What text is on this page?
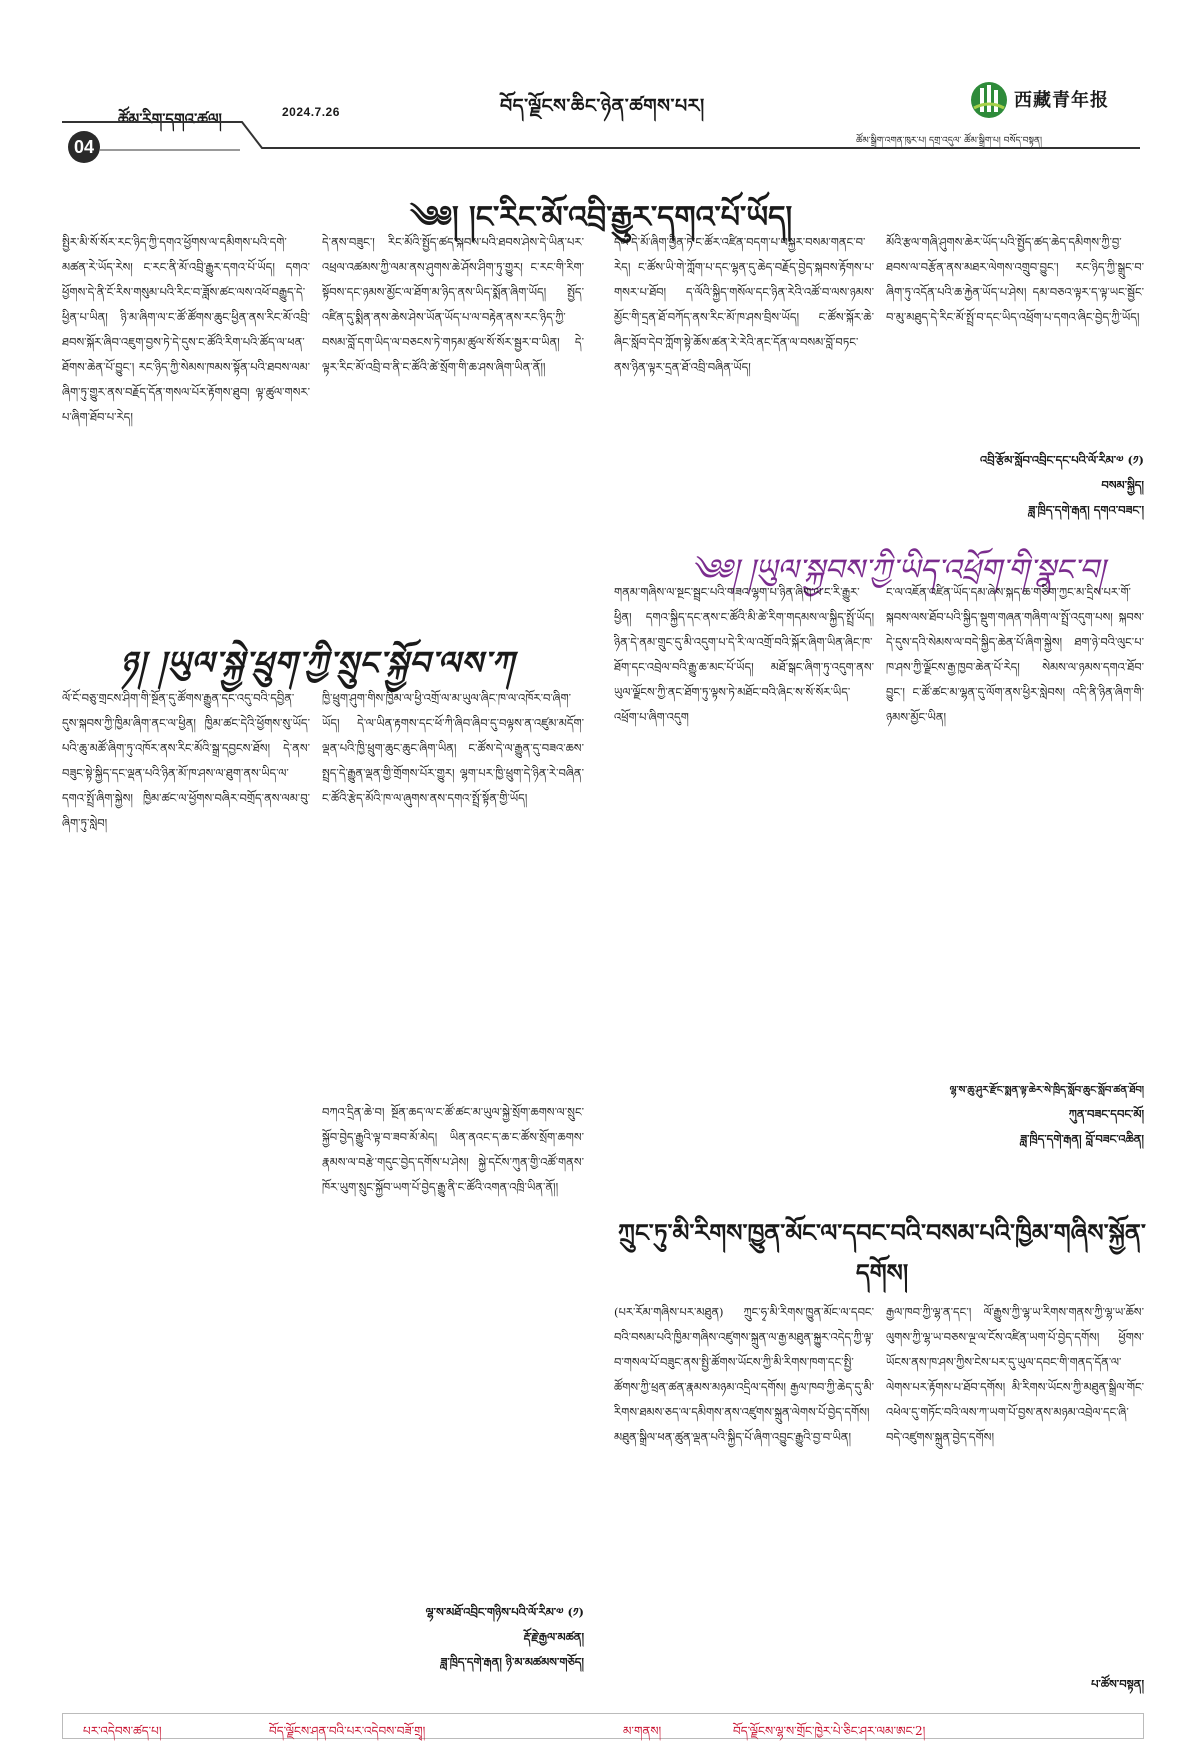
ཚོམ་རིག་དགའ་ཚལ།	2024.7.26	བོད་ལྗོངས་ཆིང་ཉེན་ཚགས་པར།	西藏青年报
ཚོམ་སྒྲིག་འགན་ཁུར་པ། དགྲ་འདུལ་ ཚོམ་སྒྲིག་པ། བསོད་བསྟན།
04
༄༅། །ང་རིང་མོ་འབྲི་རྒྱུར་དགའ་པོ་ཡོད།

སྤྱིར་མི་སོ་སོར་རང་ཉིད་ཀྱི་དགའ་ཕྱོགས་ལ་དམིགས་པའི་དགེ་མཚན་རེ་ཡོད་རེས། ང་རང་ནི་མོ་འབྲི་རྒྱུར་དགའ་པོ་ཡོད། དགའ་ཕྱོགས་དེ་ནི་ངོ་རིས་གསུམ་པའི་རིང་བ་ཟློས་ཚང་ལས་འཕོ་བརྒྱུད་དེ་ཕྱིན་པ་ཡིན། ཉི་མ་ཞིག་ལ་ང་ཚོ་ཚོགས་ཆུང་ཕྱིན་ནས་རིང་མོ་འབྲི་ཐབས་སྐོར་ཞིབ་འཇུག་བྱས་ཏེ་དེ་དུས་ང་ཚོའི་རིག་པའི་ཚོད་ལ་ཕན་ཐོགས་ཆེན་པོ་བྱུང་། རང་ཉིད་ཀྱི་སེམས་ཁམས་སྟོན་པའི་ཐབས་ལམ་ཞིག་ཏུ་གྱུར་ནས་བརྗོད་དོན་གསལ་པོར་རྟོགས་ཐུབ། ལྟ་ཚུལ་གསར་པ་ཞིག་ཐོབ་པ་རེད།

དེ་ནས་བཟུང་། རིང་མོའི་སྤྱོད་ཚད་སྐབས་པའི་ཐབས་ཤེས་དེ་ཡིན་པར་འཕྲལ་འཚམས་ཀྱི་ལམ་ནས་ཤུགས་ཆེ་ཤོས་ཤིག་ཏུ་གྱུར། ང་རང་གི་རིག་སྟོབས་དང་ཉམས་མྱོང་ལ་ཐོག་མ་ཉིད་ནས་ཡིད་སྨོན་ཞིག་ཡོད། སྤྱོད་འཛིན་དུ་སྨིན་ནས་ཆེས་ཤེས་ཡོན་ཡོད་པ་ལ་བརྟེན་ནས་རང་ཉིད་ཀྱི་བསམ་བློ་དག་ཡིད་ལ་བཅངས་ཏེ་གཏམ་ཚུལ་སོ་སོར་སྦྱར་བ་ཡིན། དེ་ལྟར་རིང་མོ་འབྲི་བ་ནི་ང་ཚོའི་ཚེ་སྲོག་གི་ཆ་ཤས་ཞིག་ཡིན་ནོ།།

དམ་དེ་མོ་ཞིག་བྱིན་ཏེ་ང་ཚོར་འཛིན་བདག་པ་བསྐྱར་བསམ་གནང་བ་རེད། ང་ཚོས་ཡི་གེ་ཀློག་པ་དང་ལྷན་དུ་ཆེད་བརྗོད་བྱེད་སྐབས་རྟོགས་པ་གསར་པ་ཐོབ། ད་ལོའི་སྐྱིད་གསོལ་དང་ཉིན་རེའི་འཚོ་བ་ལས་ཉམས་མྱོང་གི་དྲན་ཐོ་བཀོད་ནས་རིང་མོ་ཁ་ཤས་བྲིས་ཡོད། ང་ཚོས་སྐོར་ཆེ་ཞིང་སློབ་དེབ་ཀློག་སྟེ་ཆོས་ཚན་རེ་རེའི་ནང་དོན་ལ་བསམ་བློ་བཏང་ནས་ཉིན་ལྟར་དྲན་ཐོ་འབྲི་བཞིན་ཡོད།

མོའི་རྩལ་གཞི་ཤུགས་ཆེར་ཡོད་པའི་སྤྱོད་ཚད་ཆེད་དམིགས་ཀྱི་བྱ་ཐབས་ལ་བརྩོན་ནས་མཐར་ལེགས་འགྲུབ་བྱུང་། རང་ཉིད་ཀྱི་སྒྲུང་བ་ཞིག་ཏུ་འདོན་པའི་ཆ་རྐྱེན་ཡོད་པ་ཤེས། དམ་བཅའ་ལྟར་ད་ལྟ་ཡང་སྦྱོང་བ་མུ་མཐུད་དེ་རིང་མོ་སྤྲོ་བ་དང་ཡིད་འཕྲོག་པ་དགའ་ཞིང་བྱེད་ཀྱི་ཡོད།

འབྲི་རྩོམ་སློབ་འབྲིང་དང་པའི་ལོ་རིམ་༧ (༡)

བསམ་སྐྱིད།

ཟླ་ཁྲིད་དགེ་རྒན། དགའ་བཟང་།

༄༅། །ཡུལ་སྐྱབས་ཀྱི་ཡིད་འཕྲོག་གི་སྣང་བ།

གནམ་གཞིས་ལ་སྔང་སྦྲང་པའི་གཟའ་ལྷག་པ་ཉིན་ཞིག་ལ་ང་རི་རྒྱུར་ཕྱིན། དགའ་སྐྱིད་དང་ནས་ང་ཚོའི་མི་ཚེ་རིག་གདམས་ལ་སྐྱིད་སྤྲོ་ཡོད། ཉིན་དེ་ནམ་གྲུང་དུ་མི་འདུག་པ་དེ་རི་ལ་འགྲོ་བའི་སྐོར་ཞིག་ཡིན་ཞིང་ཁ་ཐོག་དང་འབྲེལ་བའི་རྒྱུ་ཆ་མང་པོ་ཡོད། མཐོ་སྒང་ཞིག་ཏུ་འདུག་ནས་ཡུལ་ལྗོངས་ཀྱི་ནང་ཐོག་ཏུ་ལྟས་ཏེ་མཐོང་བའི་ཞིང་ས་སོ་སོར་ཡིད་འཕྲོག་པ་ཞིག་འདུག

ང་ལ་འཇོན་འཛིན་ཡོད་དམ་ཞེས་སྐད་ཆ་གཅིག་ཀྱང་མ་དྲིས་པར་གོ་སྐབས་ལས་ཐོབ་པའི་སྐྱིད་སྡུག་གཞན་གཞིག་ལ་སྤྲོ་འདུག་པས། སྐབས་དེ་དུས་དའི་སེམས་ལ་བདེ་སྐྱིད་ཆེན་པོ་ཞིག་སྐྱེས། ཐག་ཉེ་བའི་ལུང་པ་ཁ་ཤས་ཀྱི་ལྗོངས་རྒྱ་ཁྱབ་ཆེན་པོ་རེད། སེམས་ལ་ཉམས་དགའ་ཐོབ་བྱུང་། ང་ཚོ་ཚང་མ་ལྷན་དུ་ལོག་ནས་ཕྱིར་སླེབས། འདི་ནི་ཉིན་ཞིག་གི་ཉམས་མྱོང་ཡིན།

ལྷ་ས་ཆུ་ཤུར་རྫོང་སྨན་ལྟ་ཆེར་སེ་ཁྲིད་སློབ་ཆུང་སློབ་ཚན་ཐོབ།

ཀུན་བཟང་དབང་མོ།

ཟླ་ཁྲིད་དགེ་རྒན། བློ་བཟང་འཆིན།

ཉ། །ཡུལ་སྐྱེ་ཕྲུག་ཀྱི་སྲུང་སྐྱོབ་ལས་ཀ

ལོ་ངོ་བཅུ་གྲངས་ཤིག་གི་སྔོན་དུ་ཚོགས་རྒྱུན་དང་འདུ་བའི་དབྱིན་དུས་སྐབས་ཀྱི་ཁྱིམ་ཞིག་ནང་ལ་ཕྱིན། ཁྱིམ་ཚང་དེའི་ཕྱོགས་སུ་ཡོད་པའི་ཆུ་མཚོ་ཞིག་ཏུ་འཁོར་ནས་རིང་མོའི་སྒྲ་དབྱངས་ཐོས། དེ་ནས་བཟུང་སྟེ་སྐྱིད་དང་ལྡན་པའི་ཉིན་མོ་ཁ་ཤས་ལ་ཐུག་ནས་ཡིད་ལ་དགའ་སྤྲོ་ཞིག་སྐྱེས། ཁྱིམ་ཚང་ལ་ཕྱོགས་བཞིར་བགྲོད་ནས་ལམ་བུ་ཞིག་ཏུ་སླེབ།

ཁྱི་ཕྲུག་ཤུག་གིས་ཁྱིམ་ལ་ཕྱི་འགྲོ་ལ་མ་ཡུལ་ཞིང་ཁ་ལ་འཁོར་བ་ཞིག་ཡོད། དེ་ལ་ཡིན་རྟགས་དང་ཕོ་ཀི་ཞིབ་ཞིབ་དུ་བལྟས་ན་འཛུམ་མདོག་ལྡན་པའི་ཁྱི་ཕྲུག་ཆུང་ཆུང་ཞིག་ཡིན། ང་ཚོས་དེ་ལ་རྒྱུན་དུ་བཟའ་ཆས་སྤྲད་དེ་རྒྱུན་ལྡན་གྱི་གྲོགས་པོར་གྱུར། ལྷག་པར་ཁྱི་ཕྲུག་དེ་ཉིན་རེ་བཞིན་ང་ཚོའི་རྩེད་མོའི་ཁ་ལ་ཞུགས་ནས་དགའ་སྤྲོ་སྟོན་གྱི་ཡོད།

བཀའ་དྲིན་ཆེ་བ། སྔོན་ཆད་ལ་ང་ཚོ་ཚང་མ་ཡུལ་སྐྱེ་སྲོག་ཆགས་ལ་སྲུང་སྐྱོབ་བྱེད་རྒྱུའི་ལྟ་བ་ཟབ་མོ་མེད། ཡིན་ནའང་ད་ཆ་ང་ཚོས་སྲོག་ཆགས་རྣམས་ལ་བརྩེ་གདུང་བྱེད་དགོས་པ་ཤེས། སྐྱེ་དངོས་ཀུན་གྱི་འཚོ་གནས་ཁོར་ཡུག་སྲུང་སྐྱོབ་ཡག་པོ་བྱེད་རྒྱུ་ནི་ང་ཚོའི་འགན་འཁྲི་ཡིན་ནོ།།

ལྷ་ས་མཐོ་འབྲིང་གཉིས་པའི་ལོ་རིམ་༧ (༡)

རྡོ་རྗེ་རྒྱལ་མཚན།

ཟླ་ཁྲིད་དགེ་རྒན། ཉི་མ་མཚམས་གཅོད།

ཀྲུང་ཏུ་མི་རིགས་ཁྱུན་མོང་ལ་དབང་བའི་བསམ་པའི་ཁྱིམ་གཞིས་སྐྱོན་དགོས།

(པར་རོམ་གཞིས་པར་མཐུན) ཀྲུང་ཧྭ་མི་རིགས་ཁྱུན་མོང་ལ་དབང་བའི་བསམ་པའི་ཁྱིམ་གཞིས་འཛུགས་སྐྲུན་ལ་རྒྱ་མཐུན་སྐྱུར་འདེད་ཀྱི་ལྟ་བ་གསལ་པོ་བཟུང་ནས་སྤྱི་ཚོགས་ཡོངས་ཀྱི་མི་རིགས་ཁག་དང་སྤྱི་ཚོགས་ཀྱི་ཕྲན་ཚན་རྣམས་མཉམ་འདྲིལ་དགོས། རྒྱལ་ཁབ་ཀྱི་ཆེད་དུ་མི་རིགས་ཐམས་ཅད་ལ་དམིགས་ནས་འཛུགས་སྐྲུན་ལེགས་པོ་བྱེད་དགོས། མཐུན་སྒྲིལ་ཕན་ཚུན་ལྡན་པའི་སྐྱིད་པོ་ཞིག་འབྱུང་རྒྱུའི་བྱ་བ་ཡིན།

རྒྱལ་ཁབ་ཀྱི་ལྷ་ན་དང་། ལོ་རྒྱུས་ཀྱི་ལྷ་ཡ་རིགས་གནས་ཀྱི་ལྷ་ཡ་ཆོས་ལུགས་ཀྱི་ལྷ་ཡ་བཅས་ལྔ་ལ་ངོས་འཛིན་ཡག་པོ་བྱེད་དགོས། ཕྱོགས་ཡོངས་ནས་ཁ་ཤས་ཀྱིས་ངེས་པར་དུ་ཡུལ་དབང་གི་གནད་དོན་ལ་ལེགས་པར་རྟོགས་པ་ཐོབ་དགོས། མི་རིགས་ཡོངས་ཀྱི་མཐུན་སྒྲིལ་གོང་འཕེལ་དུ་གཏོང་བའི་ལས་ཀ་ཡག་པོ་བྱས་ནས་མཉམ་འབྲེལ་དང་ཞི་བདེ་འཛུགས་སྐྲུན་བྱེད་དགོས།

པ་ཚོས་བསྟན།

པར་འདེབས་ཚད་པ།	བོད་ལྗོངས་ཤན་བའི་པར་འདེབས་བཟོ་གྲྭ།	མ་གནས།	བོད་ལྗོངས་ལྷ་ས་གྲོང་ཁྱེར་པེ་ཅིང་ཤར་ལམ་ཨང་2།
